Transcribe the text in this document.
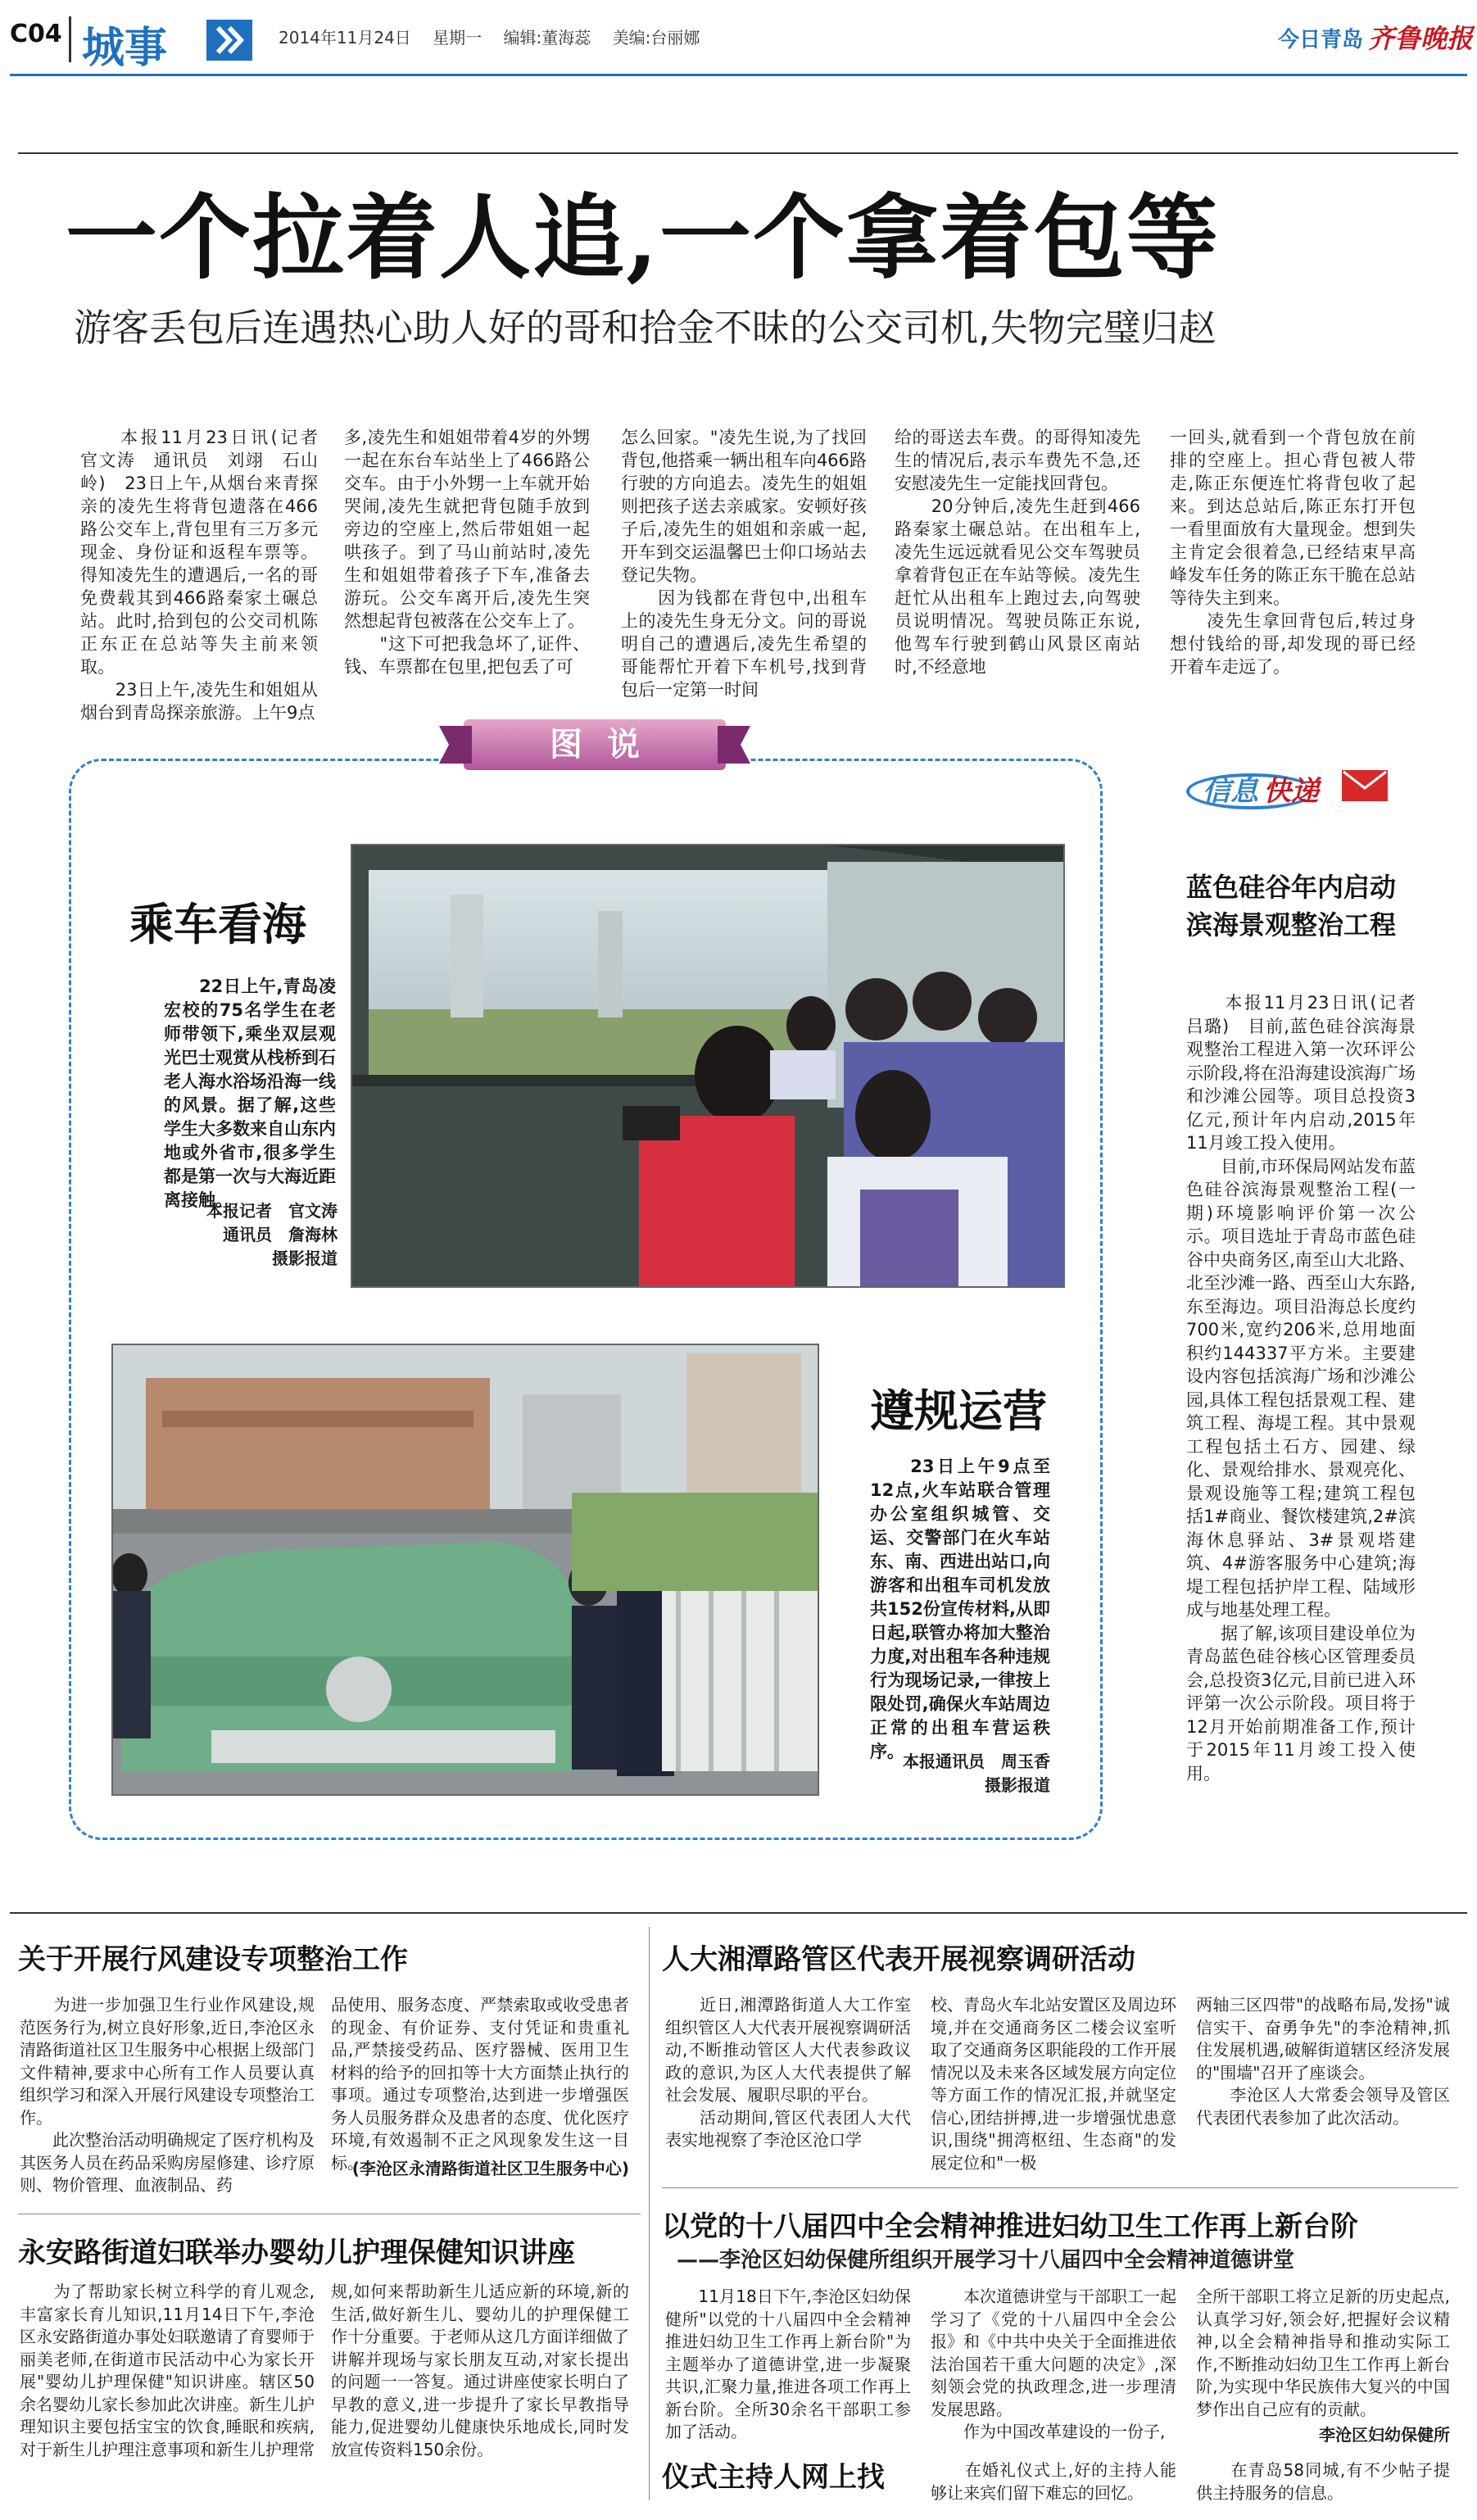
C04 城事	2014年11月24日　 星期一　 编辑:董海蕊　 美编:台丽娜	今日青岛 齐鲁晚报
一个拉着人追,一个拿着包等
游客丢包后连遇热心助人好的哥和拾金不昧的公交司机,失物完璧归赵
　　本报11月23日讯(记者　官文涛　通讯员　刘翊　石山岭)　23日上午,从烟台来青探亲的凌先生将背包遗落在466路公交车上,背包里有三万多元现金、身份证和返程车票等。得知凌先生的遭遇后,一名的哥免费载其到466路秦家土碾总站。此时,拾到包的公交司机陈正东正在总站等失主前来领取。
　　23日上午,凌先生和姐姐从烟台到青岛探亲旅游。上午9点
多,凌先生和姐姐带着4岁的外甥一起在东台车站坐上了466路公交车。由于小外甥一上车就开始哭闹,凌先生就把背包随手放到旁边的空座上,然后带姐姐一起哄孩子。到了马山前站时,凌先生和姐姐带着孩子下车,准备去游玩。公交车离开后,凌先生突然想起背包被落在公交车上了。
　　"这下可把我急坏了,证件、钱、车票都在包里,把包丢了可
怎么回家。"凌先生说,为了找回背包,他搭乘一辆出租车向466路行驶的方向追去。凌先生的姐姐则把孩子送去亲戚家。安顿好孩子后,凌先生的姐姐和亲戚一起,开车到交运温馨巴士仰口场站去登记失物。
　　因为钱都在背包中,出租车上的凌先生身无分文。问的哥说明自己的遭遇后,凌先生希望的哥能帮忙开着下车机号,找到背包后一定第一时间
给的哥送去车费。的哥得知凌先生的情况后,表示车费先不急,还安慰凌先生一定能找回背包。
　　20分钟后,凌先生赶到466路秦家土碾总站。在出租车上,凌先生远远就看见公交车驾驶员拿着背包正在车站等候。凌先生赶忙从出租车上跑过去,向驾驶员说明情况。驾驶员陈正东说,他驾车行驶到鹤山风景区南站时,不经意地
一回头,就看到一个背包放在前排的空座上。担心背包被人带走,陈正东便连忙将背包收了起来。到达总站后,陈正东打开包一看里面放有大量现金。想到失主肯定会很着急,已经结束早高峰发车任务的陈正东干脆在总站等待失主到来。
　　凌先生拿回背包后,转过身想付钱给的哥,却发现的哥已经开着车走远了。
图说
乘车看海
　　22日上午,青岛凌宏校的75名学生在老师带领下,乘坐双层观光巴士观赏从栈桥到石老人海水浴场沿海一线的风景。据了解,这些学生大多数来自山东内地或外省市,很多学生都是第一次与大海近距离接触。
本报记者　官文涛
通讯员　詹海林
摄影报道
遵规运营
　　23日上午9点至12点,火车站联合管理办公室组织城管、交运、交警部门在火车站东、南、西进出站口,向游客和出租车司机发放共152份宣传材料,从即日起,联管办将加大整治力度,对出租车各种违规行为现场记录,一律按上限处罚,确保火车站周边正常的出租车营运秩序。
本报通讯员　周玉香
摄影报道
信息 快递
蓝色硅谷年内启动
滨海景观整治工程
　　本报11月23日讯(记者　吕璐)　目前,蓝色硅谷滨海景观整治工程进入第一次环评公示阶段,将在沿海建设滨海广场和沙滩公园等。项目总投资3亿元,预计年内启动,2015年11月竣工投入使用。
　　目前,市环保局网站发布蓝色硅谷滨海景观整治工程(一期)环境影响评价第一次公示。项目选址于青岛市蓝色硅谷中央商务区,南至山大北路、北至沙滩一路、西至山大东路,东至海边。项目沿海总长度约700米,宽约206米,总用地面积约144337平方米。主要建设内容包括滨海广场和沙滩公园,具体工程包括景观工程、建筑工程、海堤工程。其中景观工程包括土石方、园建、绿化、景观给排水、景观亮化、景观设施等工程;建筑工程包括1#商业、餐饮楼建筑,2#滨海休息驿站、3#景观塔建筑、4#游客服务中心建筑;海堤工程包括护岸工程、陆域形成与地基处理工程。
　　据了解,该项目建设单位为青岛蓝色硅谷核心区管理委员会,总投资3亿元,目前已进入环评第一次公示阶段。项目将于12月开始前期准备工作,预计于2015年11月竣工投入使用。
关于开展行风建设专项整治工作
　　为进一步加强卫生行业作风建设,规范医务行为,树立良好形象,近日,李沧区永清路街道社区卫生服务中心根据上级部门文件精神,要求中心所有工作人员要认真组织学习和深入开展行风建设专项整治工作。
　　此次整治活动明确规定了医疗机构及其医务人员在药品采购房屋修建、诊疗原则、物价管理、血液制品、药
品使用、服务态度、严禁索取或收受患者的现金、有价证券、支付凭证和贵重礼品,严禁接受药品、医疗器械、医用卫生材料的给予的回扣等十大方面禁止执行的事项。通过专项整治,达到进一步增强医务人员服务群众及患者的态度、优化医疗环境,有效遏制不正之风现象发生这一目标。
(李沧区永清路街道社区卫生服务中心)
永安路街道妇联举办婴幼儿护理保健知识讲座
　　为了帮助家长树立科学的育儿观念,丰富家长育儿知识,11月14日下午,李沧区永安路街道办事处妇联邀请了育婴师于丽美老师,在街道市民活动中心为家长开展"婴幼儿护理保健"知识讲座。辖区50余名婴幼儿家长参加此次讲座。新生儿护理知识主要包括宝宝的饮食,睡眠和疾病,对于新生儿护理注意事项和新生儿护理常
规,如何来帮助新生儿适应新的环境,新的生活,做好新生儿、婴幼儿的护理保健工作十分重要。于老师从这几方面详细做了讲解并现场与家长朋友互动,对家长提出的问题一一答复。通过讲座使家长明白了早教的意义,进一步提升了家长早教指导能力,促进婴幼儿健康快乐地成长,同时发放宣传资料150余份。
人大湘潭路管区代表开展视察调研活动
　　近日,湘潭路街道人大工作室组织管区人大代表开展视察调研活动,不断推动管区人大代表参政议政的意识,为区人大代表提供了解社会发展、履职尽职的平台。
　　活动期间,管区代表团人大代表实地视察了李沧区沧口学
校、青岛火车北站安置区及周边环境,并在交通商务区二楼会议室听取了交通商务区职能段的工作开展情况以及未来各区域发展方向定位等方面工作的情况汇报,并就坚定信心,团结拼搏,进一步增强忧患意识,围绕"拥湾枢纽、生态商"的发展定位和"一极
两轴三区四带"的战略布局,发扬"诚信实干、奋勇争先"的李沧精神,抓住发展机遇,破解街道辖区经济发展的"围墙"召开了座谈会。
　　李沧区人大常委会领导及管区代表团代表参加了此次活动。
以党的十八届四中全会精神推进妇幼卫生工作再上新台阶
——李沧区妇幼保健所组织开展学习十八届四中全会精神道德讲堂
　　11月18日下午,李沧区妇幼保健所"以党的十八届四中全会精神推进妇幼卫生工作再上新台阶"为主题举办了道德讲堂,进一步凝聚共识,汇聚力量,推进各项工作再上新台阶。全所30余名干部职工参加了活动。
　　本次道德讲堂与干部职工一起学习了《党的十八届四中全会公报》和《中共中央关于全面推进依法治国若干重大问题的决定》,深刻领会党的执政理念,进一步理清发展思路。
　　作为中国改革建设的一份子,
全所干部职工将立足新的历史起点,认真学习好,领会好,把握好会议精神,以全会精神指导和推动实际工作,不断推动妇幼卫生工作再上新台阶,为实现中华民族伟大复兴的中国梦作出自己应有的贡献。
李沧区妇幼保健所
仪式主持人网上找	　　在婚礼仪式上,好的主持人能够让来宾们留下难忘的回忆。
　　在青岛58同城,有不少帖子提供主持服务的信息。
